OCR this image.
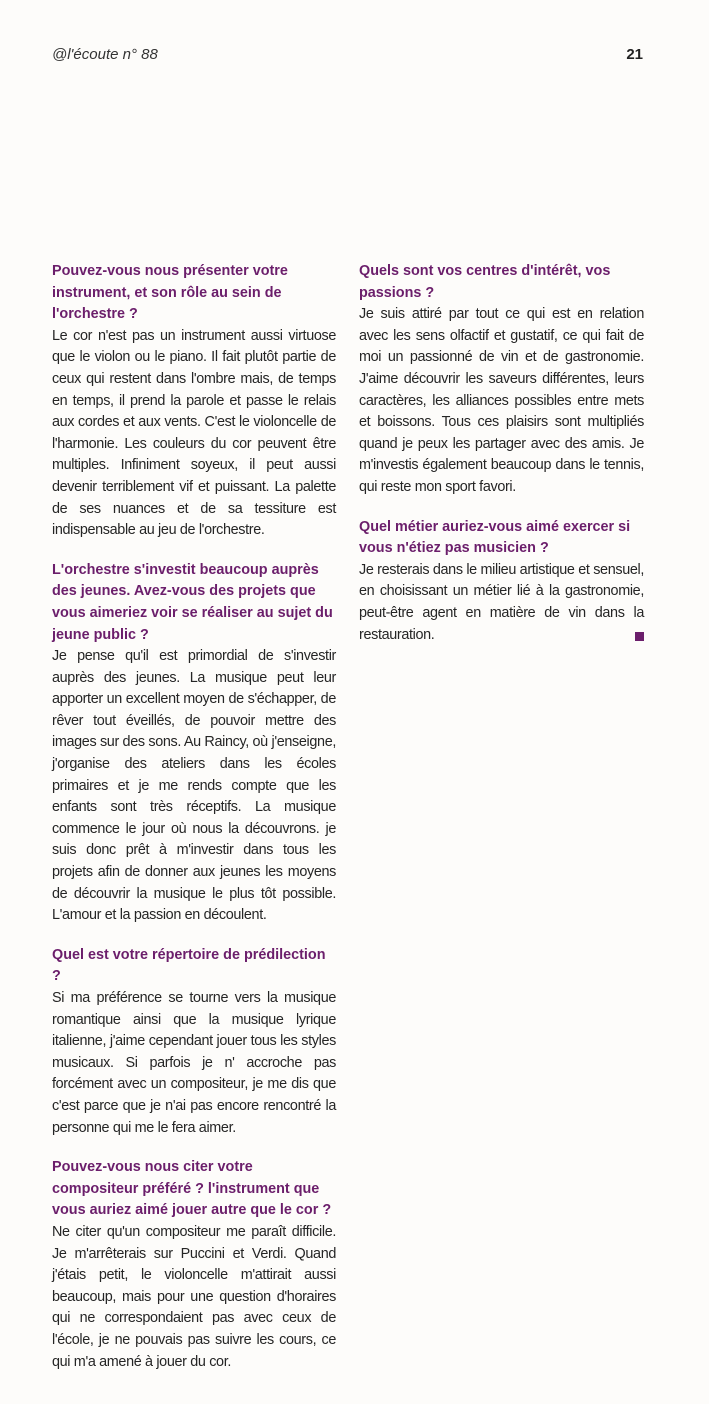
@l'écoute n° 88	21

Pouvez-vous nous présenter votre instrument, et son rôle au sein de l'orchestre ?

Le cor n'est pas un instrument aussi virtuose que le violon ou le piano. Il fait plutôt partie de ceux qui restent dans l'ombre mais, de temps en temps, il prend la parole et passe le relais aux cordes et aux vents. C'est le violoncelle de l'harmonie. Les couleurs du cor peuvent être multiples. Infiniment soyeux, il peut aussi devenir terriblement vif et puissant. La palette de ses nuances et de sa tessiture est indispensable au jeu de l'orchestre.

L'orchestre s'investit beaucoup auprès des jeunes. Avez-vous des projets que vous aimeriez voir se réaliser au sujet du jeune public ?

Je pense qu'il est primordial de s'investir auprès des jeunes. La musique peut leur apporter un excellent moyen de s'échapper, de rêver tout éveillés, de pouvoir mettre des images sur des sons. Au Raincy, où j'enseigne, j'organise des ateliers dans les écoles primaires et je me rends compte que les enfants sont très réceptifs. La musique commence le jour où nous la découvrons. je suis donc prêt à m'investir dans tous les projets afin de donner aux jeunes les moyens de découvrir la musique le plus tôt possible. L'amour et la passion en découlent.

Quel est votre répertoire de prédilection ?

Si ma préférence se tourne vers la musique romantique ainsi que la musique lyrique italienne, j'aime cependant jouer tous les styles musicaux. Si parfois je n' accroche pas forcément avec un compositeur, je me dis que c'est parce que je n'ai pas encore rencontré la personne qui me le fera aimer.

Pouvez-vous nous citer votre compositeur préféré ? l'instrument que vous auriez aimé jouer autre que le cor ?

Ne citer qu'un compositeur me paraît difficile. Je m'arrêterais sur Puccini et Verdi. Quand j'étais petit, le violoncelle m'attirait aussi beaucoup, mais pour une question d'horaires qui ne correspondaient pas avec ceux de l'école, je ne pouvais pas suivre les cours, ce qui m'a amené à jouer du cor.

Quels sont vos centres d'intérêt, vos passions ?

Je suis attiré par tout ce qui est en relation avec les sens olfactif et gustatif, ce qui fait de moi un passionné de vin et de gastronomie. J'aime découvrir les saveurs différentes, leurs caractères, les alliances possibles entre mets et boissons. Tous ces plaisirs sont multipliés quand je peux les partager avec des amis. Je m'investis également beaucoup dans le tennis, qui reste mon sport favori.

Quel métier auriez-vous aimé exercer si vous n'étiez pas musicien ?

Je resterais dans le milieu artistique et sensuel, en choisissant un métier lié à la gastronomie, peut-être agent en matière de vin dans la restauration.
